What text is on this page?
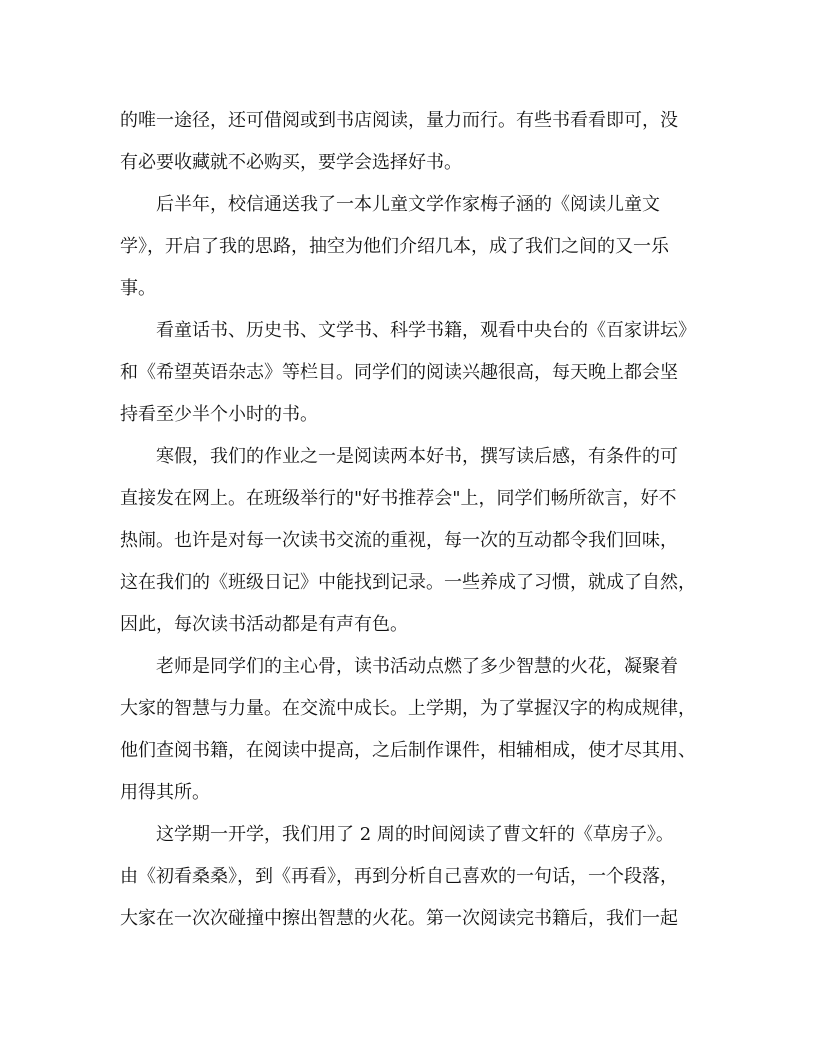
的唯一途径，还可借阅或到书店阅读，量力而行。有些书看看即可，没
有必要收藏就不必购买，要学会选择好书。
后半年，校信通送我了一本儿童文学作家梅子涵的《阅读儿童文
学》，开启了我的思路，抽空为他们介绍几本，成了我们之间的又一乐
事。
看童话书、历史书、文学书、科学书籍，观看中央台的《百家讲坛》
和《希望英语杂志》等栏目。同学们的阅读兴趣很高，每天晚上都会坚
持看至少半个小时的书。
寒假，我们的作业之一是阅读两本好书，撰写读后感，有条件的可
直接发在网上。在班级举行的"好书推荐会"上，同学们畅所欲言，好不
热闹。也许是对每一次读书交流的重视，每一次的互动都令我们回味，
这在我们的《班级日记》中能找到记录。一些养成了习惯，就成了自然，
因此，每次读书活动都是有声有色。
老师是同学们的主心骨，读书活动点燃了多少智慧的火花，凝聚着
大家的智慧与力量。在交流中成长。上学期，为了掌握汉字的构成规律，
他们查阅书籍，在阅读中提高，之后制作课件，相辅相成，使才尽其用、
用得其所。
这学期一开学，我们用了 2 周的时间阅读了曹文轩的《草房子》。
由《初看桑桑》，到《再看》，再到分析自己喜欢的一句话，一个段落，
大家在一次次碰撞中擦出智慧的火花。第一次阅读完书籍后，我们一起
